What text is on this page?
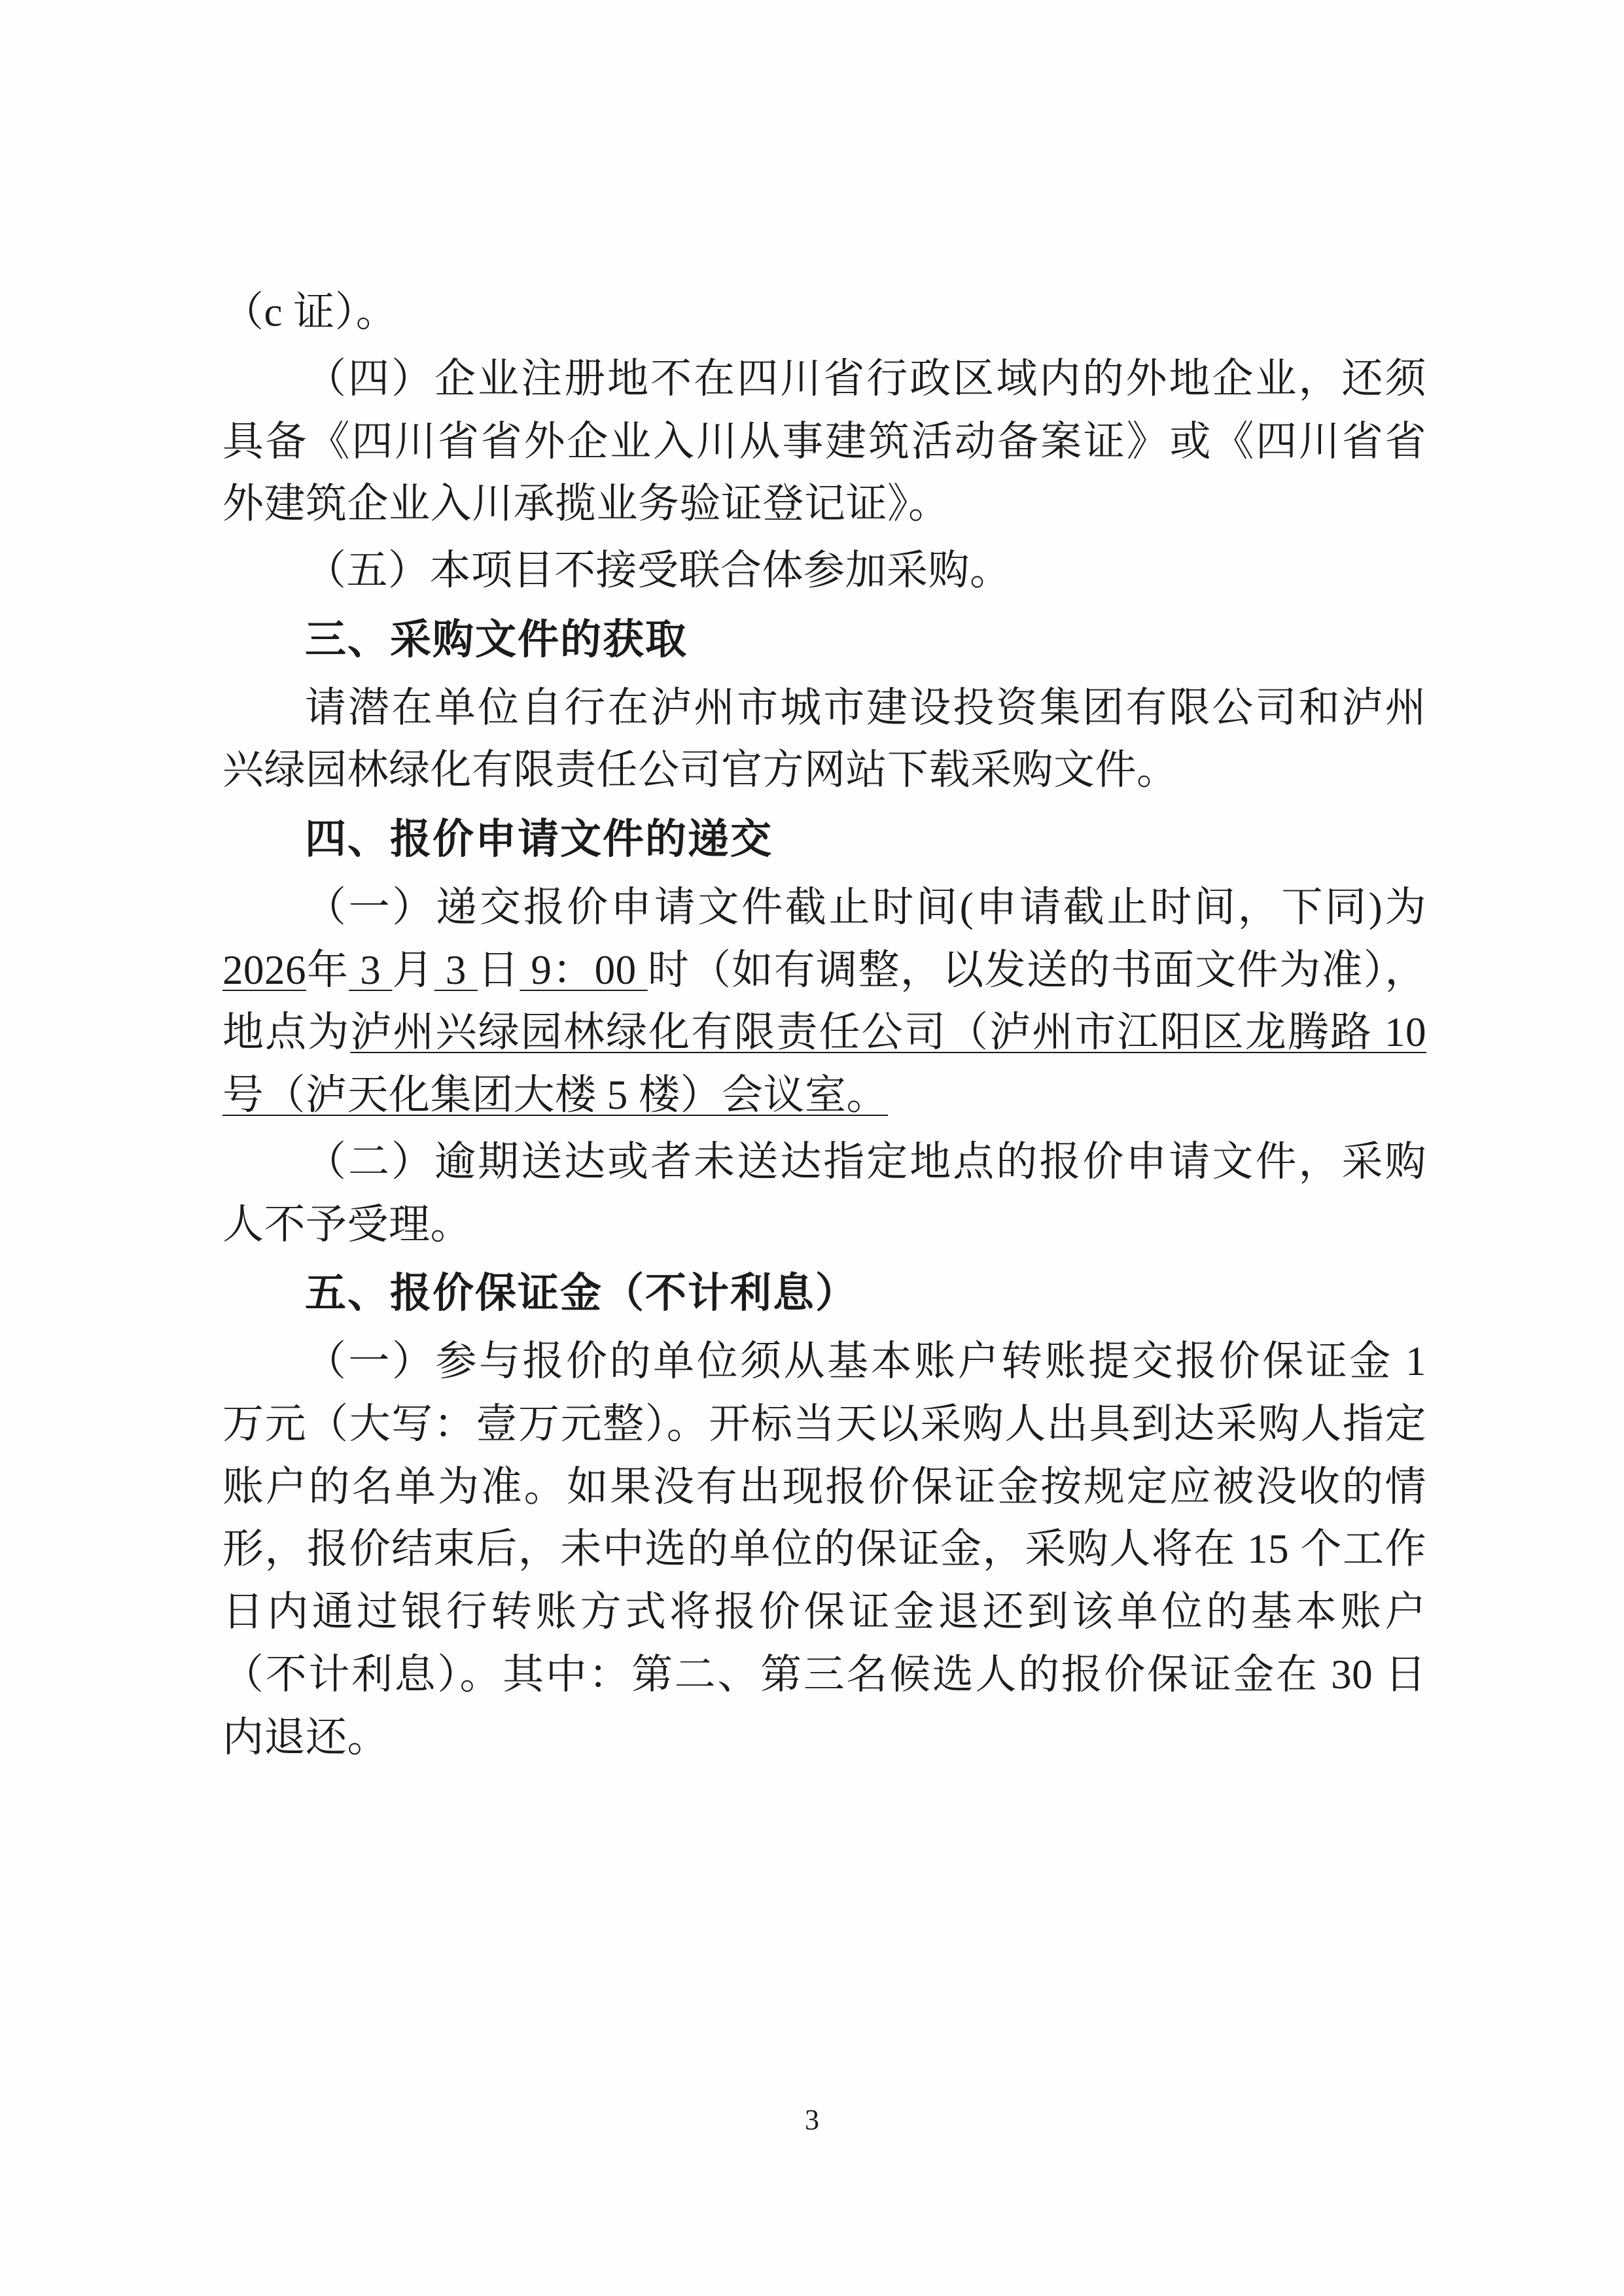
（c 证）。

（四）企业注册地不在四川省行政区域内的外地企业，还须具备《四川省省外企业入川从事建筑活动备案证》或《四川省省外建筑企业入川承揽业务验证登记证》。

（五）本项目不接受联合体参加采购。

三、采购文件的获取

请潜在单位自行在泸州市城市建设投资集团有限公司和泸州兴绿园林绿化有限责任公司官方网站下载采购文件。

四、报价申请文件的递交

（一）递交报价申请文件截止时间(申请截止时间，下同)为2026年 3 月 3 日 9：00 时（如有调整，以发送的书面文件为准），地点为泸州兴绿园林绿化有限责任公司（泸州市江阳区龙腾路 10 号（泸天化集团大楼 5 楼）会议室。

（二）逾期送达或者未送达指定地点的报价申请文件，采购人不予受理。

五、报价保证金（不计利息）

（一）参与报价的单位须从基本账户转账提交报价保证金 1 万元（大写：壹万元整）。开标当天以采购人出具到达采购人指定账户的名单为准。如果没有出现报价保证金按规定应被没收的情形，报价结束后，未中选的单位的保证金，采购人将在 15 个工作日内通过银行转账方式将报价保证金退还到该单位的基本账户（不计利息）。其中：第二、第三名候选人的报价保证金在 30 日内退还。

3
